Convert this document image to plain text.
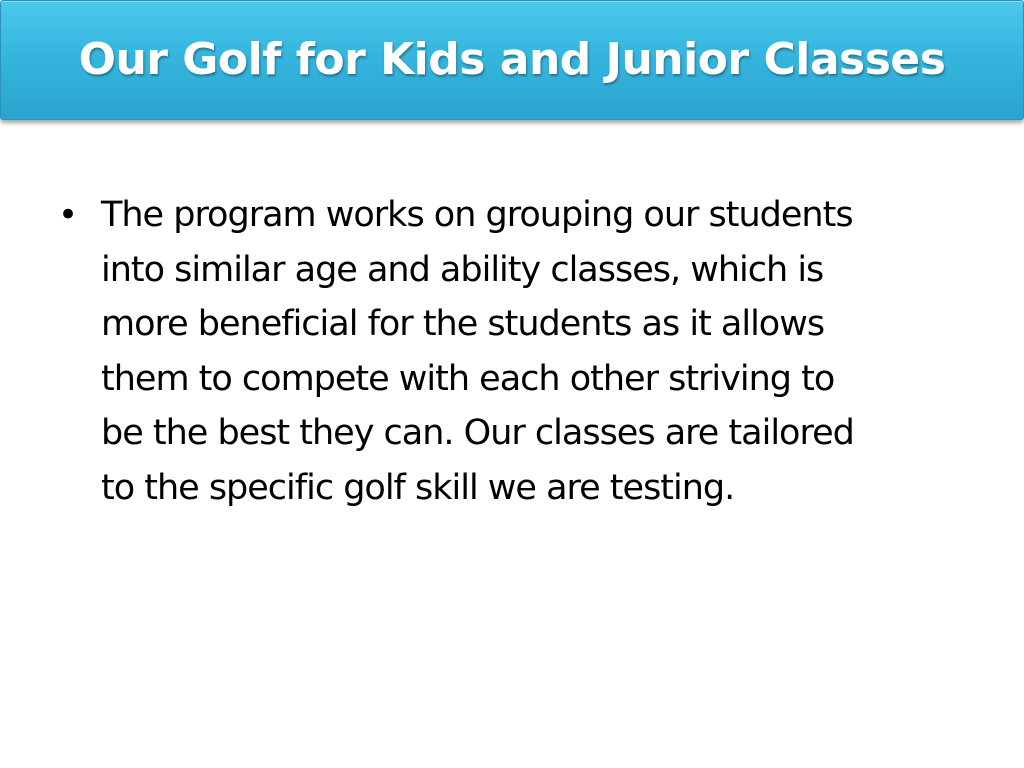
Our Golf for Kids and Junior Classes
• The program works on grouping our students
into similar age and ability classes, which is
more beneficial for the students as it allows
them to compete with each other striving to
be the best they can. Our classes are tailored
to the specific golf skill we are testing.
